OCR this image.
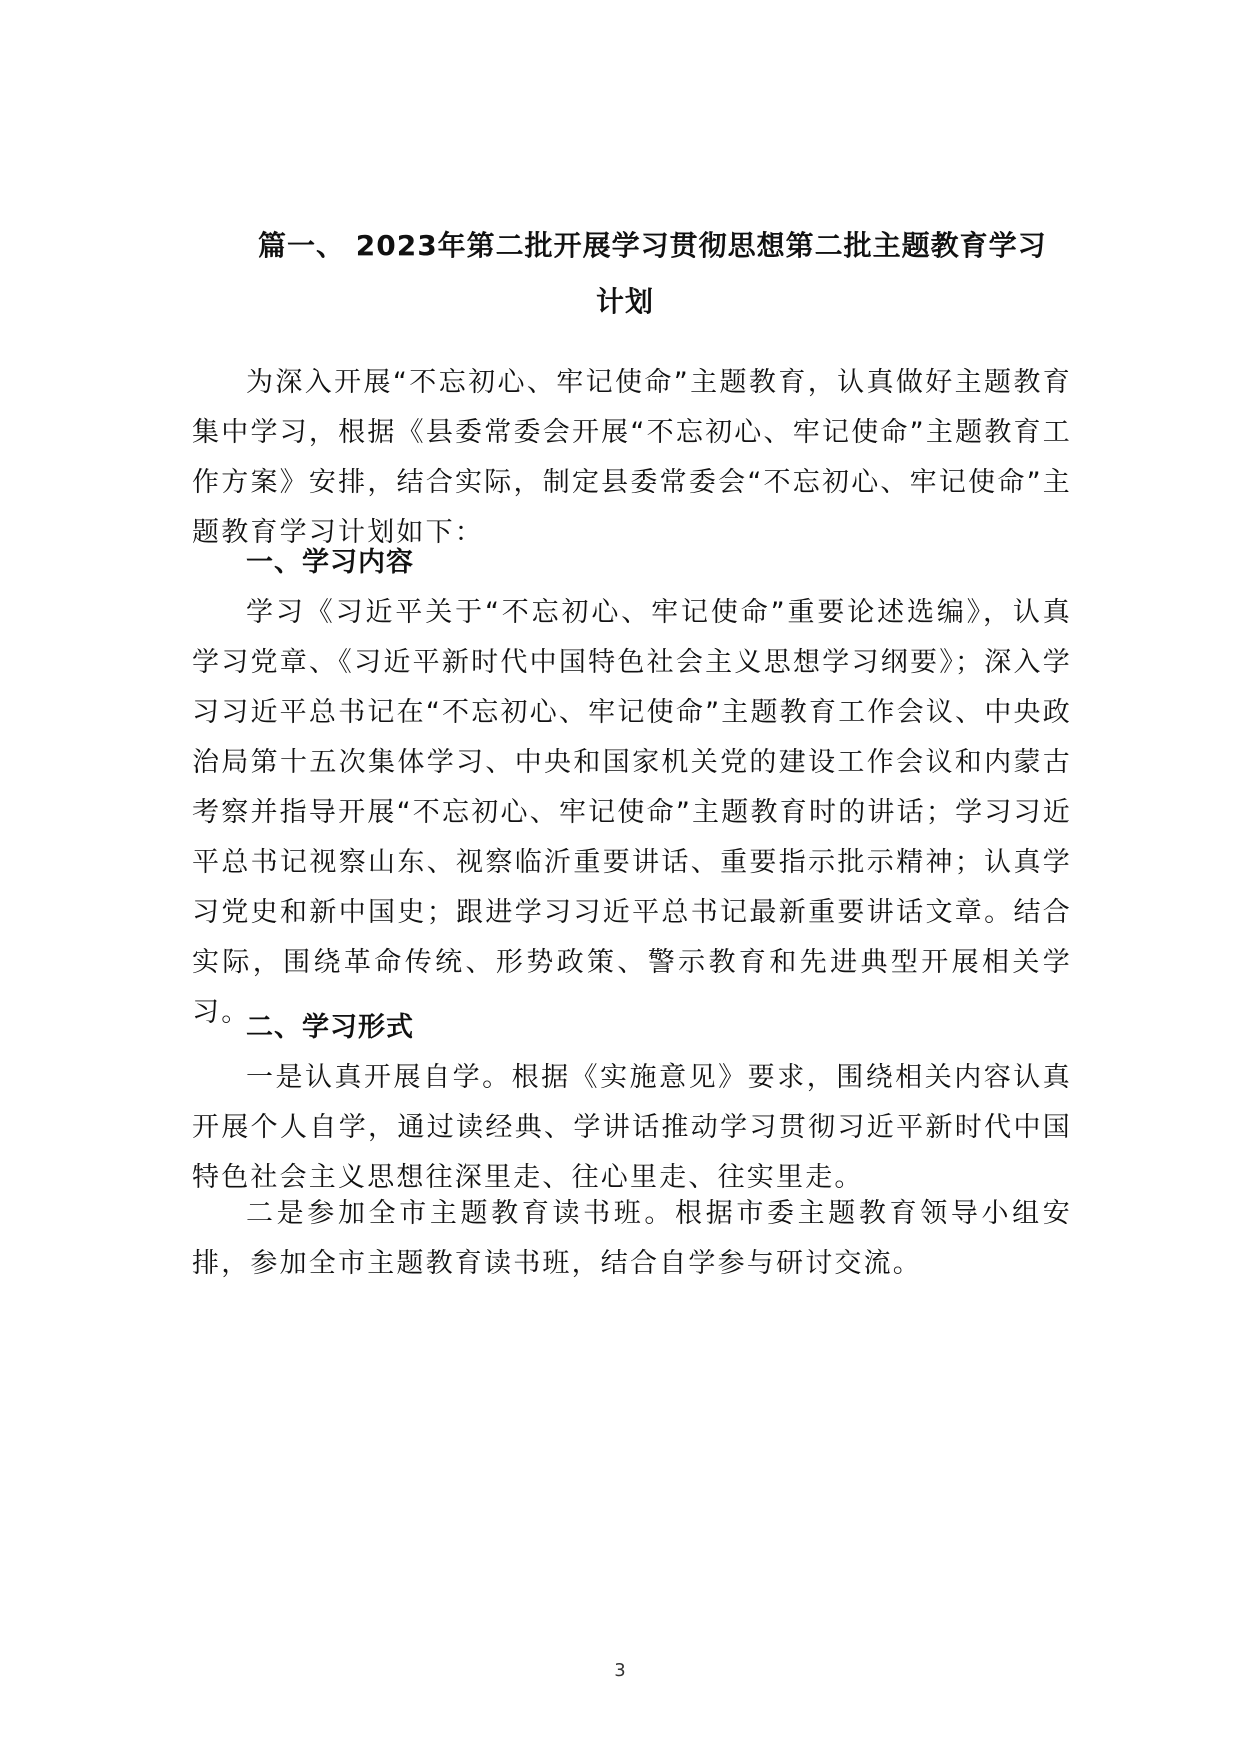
篇一、 2023年第二批开展学习贯彻思想第二批主题教育学习
计划

为深入开展“不忘初心、牢记使命”主题教育，认真做好主题教育集中学习，根据《县委常委会开展“不忘初心、牢记使命”主题教育工作方案》安排，结合实际，制定县委常委会“不忘初心、牢记使命”主题教育学习计划如下：

一、学习内容

学习《习近平关于“不忘初心、牢记使命”重要论述选编》，认真学习党章、《习近平新时代中国特色社会主义思想学习纲要》；深入学习习近平总书记在“不忘初心、牢记使命”主题教育工作会议、中央政治局第十五次集体学习、中央和国家机关党的建设工作会议和内蒙古考察并指导开展“不忘初心、牢记使命”主题教育时的讲话；学习习近平总书记视察山东、视察临沂重要讲话、重要指示批示精神；认真学习党史和新中国史；跟进学习习近平总书记最新重要讲话文章。结合实际，围绕革命传统、形势政策、警示教育和先进典型开展相关学习。

二、学习形式

一是认真开展自学。根据《实施意见》要求，围绕相关内容认真开展个人自学，通过读经典、学讲话推动学习贯彻习近平新时代中国特色社会主义思想往深里走、往心里走、往实里走。

二是参加全市主题教育读书班。根据市委主题教育领导小组安排，参加全市主题教育读书班，结合自学参与研讨交流。

3
